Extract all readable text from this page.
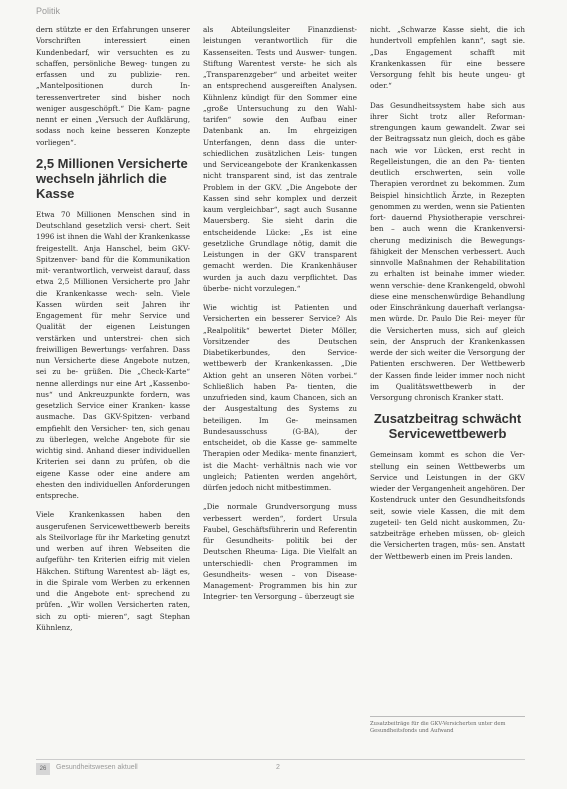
Politik

dern stützte er den Erfahrungen unserer Vorschriften interessiert einen Kundenbedarf, wir versuchten es zu schaffen, persönliche Beweg- tungen zu erfassen und zu publizie- ren. „Mantelpositionen durch In- teressenvertreter sind bisher noch weniger ausgeschöpft.“ Die Kam- pagne nennt er einen „Versuch der Aufklärung, sodass noch keine besseren Konzepte vorliegen“.

2,5 Millionen Versicherte wechseln jährlich die Kasse

Etwa 70 Millionen Menschen sind in Deutschland gesetzlich versi- chert. Seit 1996 ist ihnen die Wahl der Krankenkasse freigestellt. Anja Hanschel, beim GKV-Spitzenver- band für die Kommunikation mit- verantwortlich, verweist darauf, dass etwa 2,5 Millionen Versicherte pro Jahr die Krankenkasse wech- seln. Viele Kassen würden seit Jahren ihr Engagement für mehr Service und Qualität der eigenen Leistungen verstärken und unterstrei- chen sich freiwilligen Bewertungs- verfahren. Dass nun Versicherte diese Angebote nutzen, sei zu be- grüßen. Die „Check-Karte“ nenne allerdings nur eine Art „Kassenbo- nus“ und Ankreuzpunkte fordern, was gesetzlich Service einer Kranken- kasse ausmache. Das GKV-Spitzen- verband empfiehlt den Versicher- ten, sich genau zu überlegen, welche Angebote für sie wichtig sind. Anhand dieser individuellen Kriterien sei dann zu prüfen, ob die eigene Kasse oder eine andere am ehesten den individuellen Anforderungen entspreche.

Viele Krankenkassen haben den ausgerufenen Servicewettbewerb bereits als Steilvorlage für ihr Marketing genutzt und werben auf ihren Webseiten die aufgeführ- ten Kriterien eifrig mit vielen Häkchen. Stiftung Warentest ab- lägt es, in die Spirale vom Werben zu erkennen und die Angebote ent- sprechend zu prüfen. „Wir wollen Versicherten raten, sich zu opti- mieren“, sagt Stephan Kühnlenz,

als Abteilungsleiter Finanzdienst- leistungen verantwortlich für die Kassenseiten. Tests und Auswer- tungen. Stiftung Warentest verste- he sich als „Transparenzgeber“ und arbeitet weiter an entsprechend ausgereiften Analysen. Kühnlenz kündigt für den Sommer eine „große Untersuchung zu den Wahl- tarifen“ sowie den Aufbau einer Datenbank an. Im ehrgeizigen Unterfangen, denn dass die unter- schiedlichen zusätzlichen Leis- tungen und Serviceangebote der Krankenkassen nicht transparent sind, ist das zentrale Problem in der GKV. „Die Angebote der Kassen sind sehr komplex und derzeit kaum vergleichbar“, sagt auch Susanne Mauersberg. Sie sieht darin die entscheidende Lücke: „Es ist eine gesetzliche Grundlage nötig, damit die Leistungen in der GKV transparent gemacht werden. Die Krankenhäuser wurden ja auch dazu verpflichtet. Das überbe- nicht vorzulegen.“

Wie wichtig ist Patienten und Versicherten ein besserer Service? Als „Realpolitik“ bewertet Dieter Möller, Vorsitzender des Deutschen Diabetikerbundes, den Service- wettbewerb der Krankenkassen. „Die Aktion geht an unseren Nöten vorbei.“ Schließlich haben Pa- tienten, die unzufrieden sind, kaum Chancen, sich an der Ausgestaltung des Systems zu beteiligen. Im Ge- meinsamen Bundesausschuss (G-BA), der entscheidet, ob die Kasse ge- sammelte Therapien oder Medika- mente finanziert, ist die Macht- verhältnis nach wie vor ungleich; Patienten werden angehört, dürfen jedoch nicht mitbestimmen.

„Die normale Grundversorgung muss verbessert werden“, fordert Ursula Faubel, Geschäftsführerin und Referentin für Gesundheits- politik bei der Deutschen Rheuma- Liga. Die Vielfalt an unterschiedli- chen Programmen im Gesundheits- wesen – von Disease-Management- Programmen bis hin zur Integrier- ten Versorgung – überzeugt sie

nicht. „Schwarze Kasse sieht, die ich hundertvoll empfehlen kann“, sagt sie. „Das Engagement schafft mit Krankenkassen für eine bessere Versorgung fehlt bis heute ungeu- gt oder.“

Das Gesundheitssystem habe sich aus ihrer Sicht trotz aller Reforman- strengungen kaum gewandelt. Zwar sei der Beitragssatz nun gleich, doch es gäbe nach wie vor Lücken, erst recht in Regelleistungen, die an den Pa- tienten deutlich erschwerten, sein volle Therapien verordnet zu bekommen. Zum Beispiel hinsichtlich Ärzte, in Rezepten genommen zu werden, wenn sie Patienten fort- dauernd Physiotherapie verschrei- ben – auch wenn die Krankenversi- cherung medizinisch die Bewegungs- fähigkeit der Menschen verbessert. Auch sinnvolle Maßnahmen der Rehabilitation zu erhalten ist beinahe immer wieder. wenn verschie- dene Krankengeld, obwohl diese eine menschenwürdige Behandlung oder Einschränkung dauerhaft verlangsa- men würde. Dr. Paulo Die Rei- meyer für die Versicherten muss, sich auf gleich sein, der Anspruch der Krankenkassen werde der sich weiter die Versorgung der Patienten erschweren. Der Wettbewerb der Kassen finde leider immer noch nicht im Qualitätswettbewerb in der Versorgung chronisch Kranker statt.

Zusatzbeitrag schwächt Servicewettbewerb

Gemeinsam kommt es schon die Ver- stellung ein seinen Wettbewerbs um Service und Leistungen in der GKV wieder der Vergangenheit angehören. Der Kostendruck unter den Gesundheitsfonds seit, sowie viele Kassen, die mit dem zugeteil- ten Geld nicht auskommen, Zu- satzbeiträge erheben müssen, ob- gleich die Versicherten tragen, müs- sen. Anstatt der Wettbewerb einen im Preis landen.

Zusatzbeiträge für die GKV-Versicherten unter dem Gesundheitsfonds und Aufwand
26	Gesundheitswesen aktuell	2
